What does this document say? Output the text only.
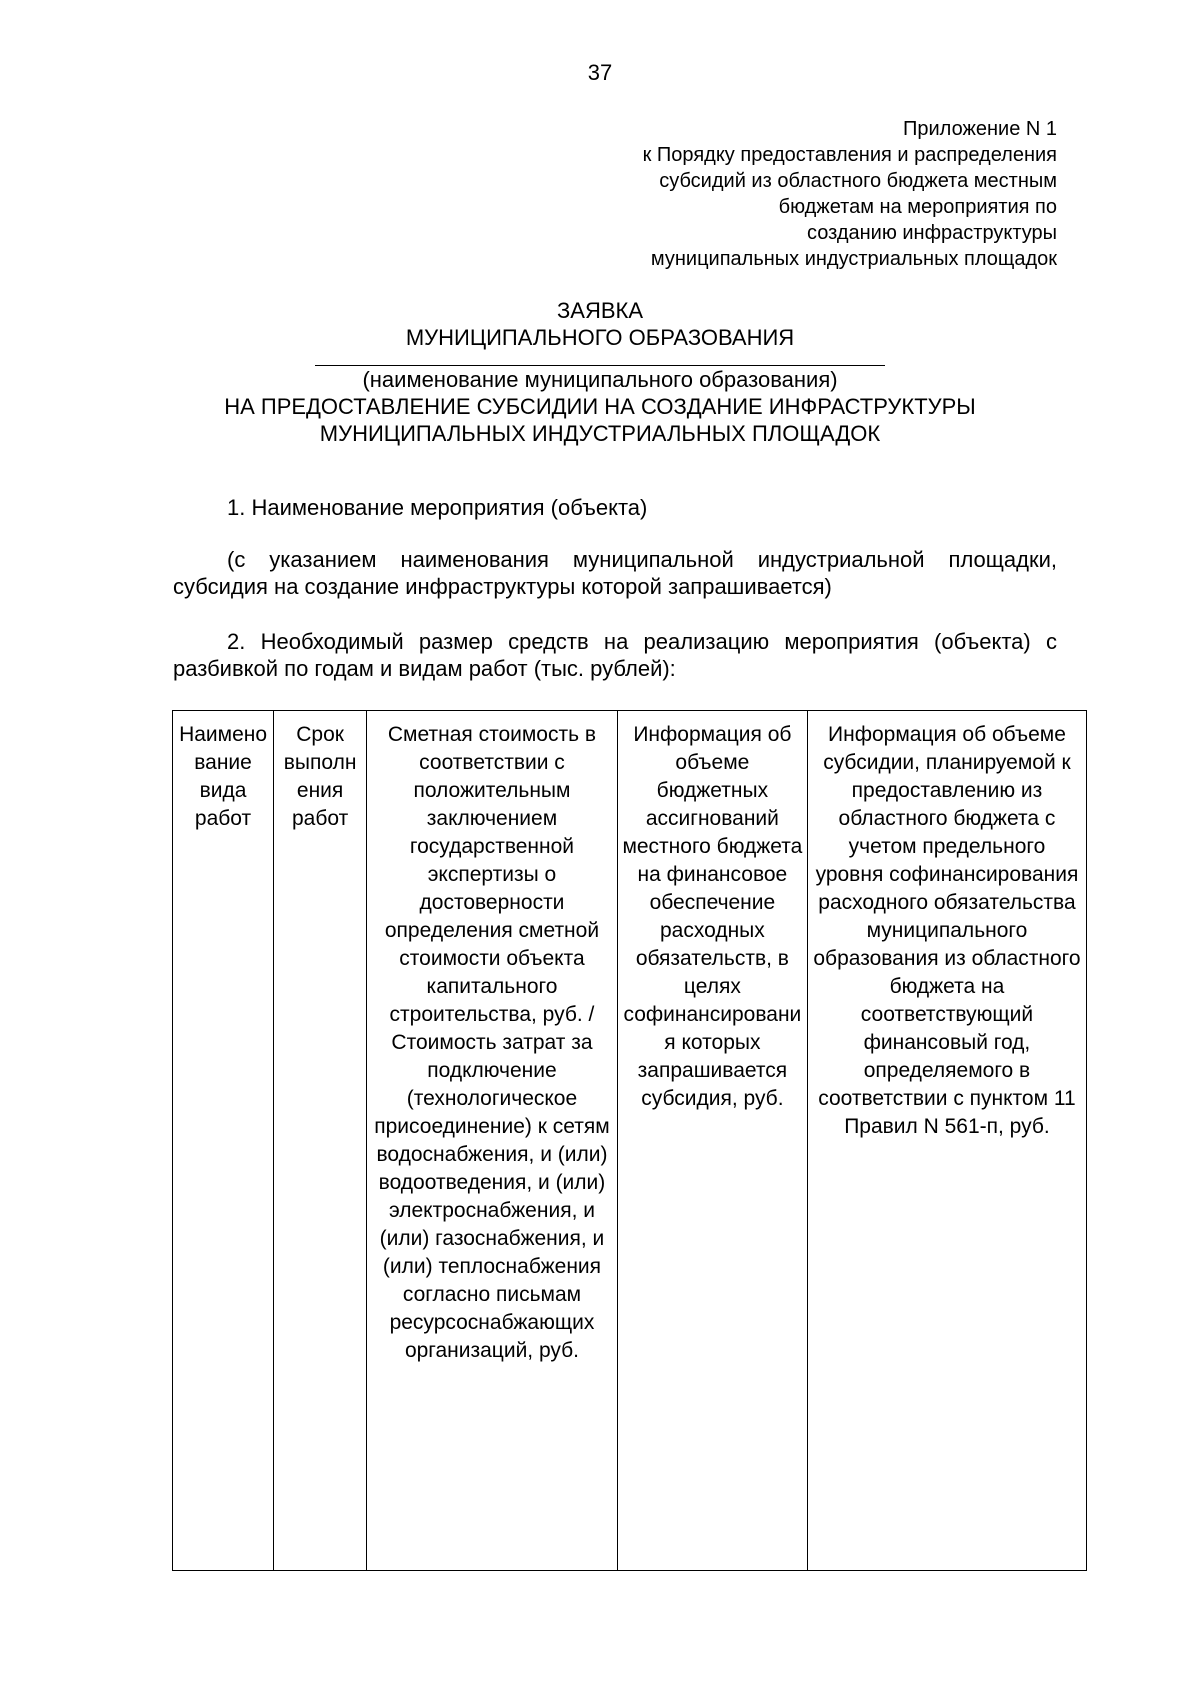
37
Приложение N 1
к Порядку предоставления и распределения
субсидий из областного бюджета местным
бюджетам на мероприятия по
созданию инфраструктуры
муниципальных индустриальных площадок
ЗАЯВКА
МУНИЦИПАЛЬНОГО ОБРАЗОВАНИЯ
(наименование муниципального образования)
НА ПРЕДОСТАВЛЕНИЕ СУБСИДИИ НА СОЗДАНИЕ ИНФРАСТРУКТУРЫ
МУНИЦИПАЛЬНЫХ ИНДУСТРИАЛЬНЫХ ПЛОЩАДОК
1. Наименование мероприятия (объекта)
(с указанием наименования муниципальной индустриальной площадки, субсидия на создание инфраструктуры которой запрашивается)
2. Необходимый размер средств на реализацию мероприятия (объекта) с разбивкой по годам и видам работ (тыс. рублей):
Наименование вида работ	Срок выполнения работ	Сметная стоимость в соответствии с положительным заключением государственной экспертизы о достоверности определения сметной стоимости объекта капитального строительства, руб. / Стоимость затрат за подключение (технологическое присоединение) к сетям водоснабжения, и (или) водоотведения, и (или) электроснабжения, и (или) газоснабжения, и (или) теплоснабжения согласно письмам ресурсоснабжающих организаций, руб.	Информация об объеме бюджетных ассигнований местного бюджета на финансовое обеспечение расходных обязательств, в целях софинансирования которых запрашивается субсидия, руб.	Информация об объеме субсидии, планируемой к предоставлению из областного бюджета с учетом предельного уровня софинансирования расходного обязательства муниципального образования из областного бюджета на соответствующий финансовый год, определяемого в соответствии с пунктом 11 Правил N 561-п, руб.
